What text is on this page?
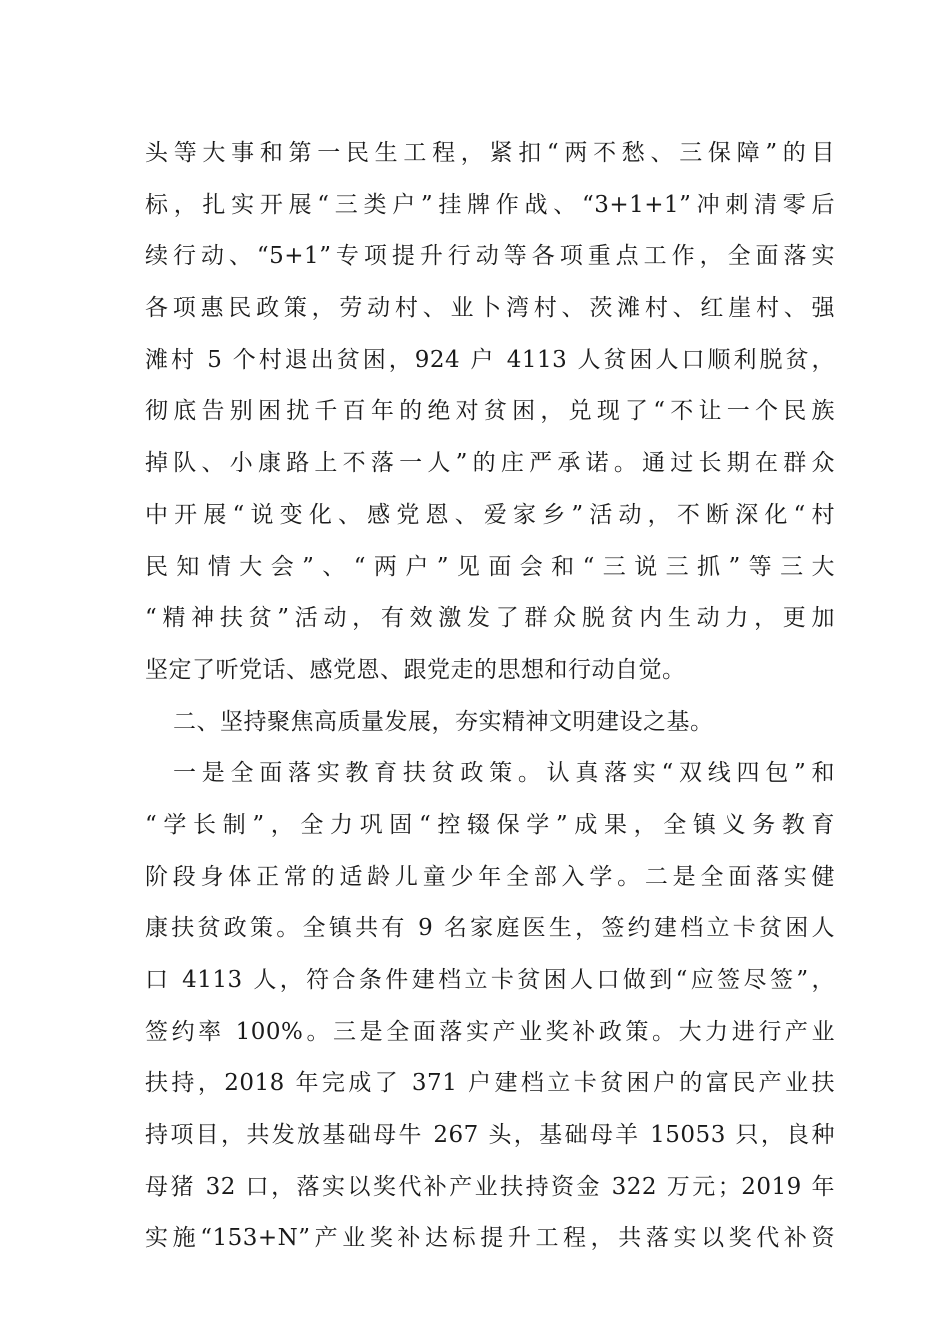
头等大事和第一民生工程，紧扣“两不愁、三保障”的目
标，扎实开展“三类户”挂牌作战、“3+1+1”冲刺清零后
续行动、“5+1”专项提升行动等各项重点工作，全面落实
各项惠民政策，劳动村、业卜湾村、茨滩村、红崖村、强
滩村 5 个村退出贫困，924 户 4113 人贫困人口顺利脱贫，
彻底告别困扰千百年的绝对贫困，兑现了“不让一个民族
掉队、小康路上不落一人”的庄严承诺。通过长期在群众
中开展“说变化、感党恩、爱家乡”活动，不断深化“村
民知情大会”、“两户”见面会和“三说三抓”等三大
“精神扶贫”活动，有效激发了群众脱贫内生动力，更加
坚定了听党话、感党恩、跟党走的思想和行动自觉。
二、坚持聚焦高质量发展，夯实精神文明建设之基。
一是全面落实教育扶贫政策。认真落实“双线四包”和
“学长制”，全力巩固“控辍保学”成果，全镇义务教育
阶段身体正常的适龄儿童少年全部入学。二是全面落实健
康扶贫政策。全镇共有 9 名家庭医生，签约建档立卡贫困人
口 4113 人，符合条件建档立卡贫困人口做到“应签尽签”，
签约率 100%。三是全面落实产业奖补政策。大力进行产业
扶持，2018 年完成了 371 户建档立卡贫困户的富民产业扶
持项目，共发放基础母牛 267 头，基础母羊 15053 只，良种
母猪 32 口，落实以奖代补产业扶持资金 322 万元；2019 年
实施“153+N”产业奖补达标提升工程，共落实以奖代补资
